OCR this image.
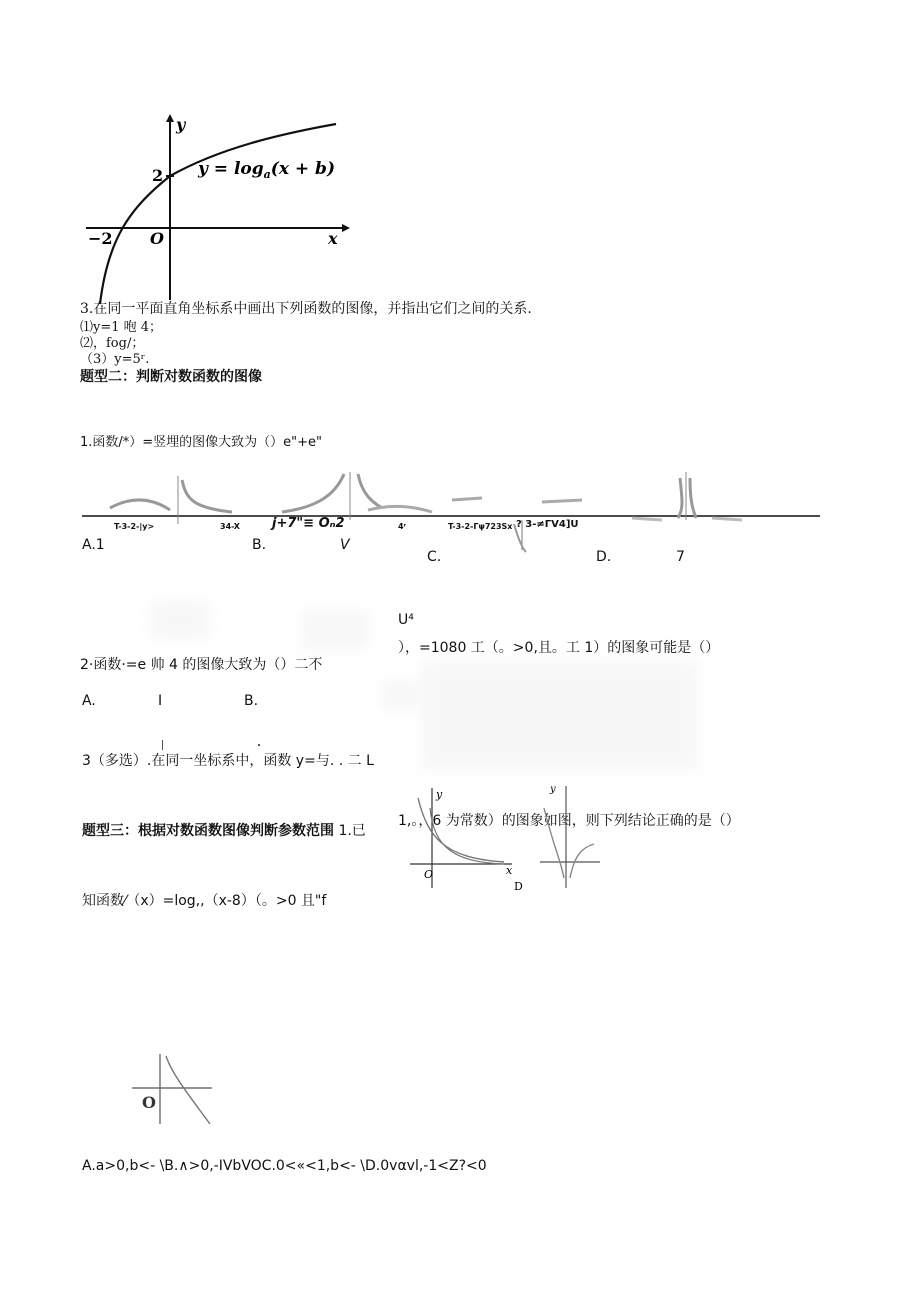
y
x
O
2
−2
$y = \log_a(x + b)$
3.在同一平面直角坐标系中画出下列函数的图像，并指出它们之间的关系.
⑴y=1 咆 4；
⑵，fog/；
（3）y=5ʳ.
题型二：判断对数函数的图像
1.函数/*）=竖埋的图像大致为（）e"+e"
T-3-2-|y>	34-X j+7"≡ Oₙ2	4ʳ	T-3-2-Γψ723Sx ? 3-≠ΓV4]U
A.1	B.	V
C.	D.	7
U⁴
），=1080 工（。>0,且。工 1）的图象可能是（）
2·函数·=e 帅 4 的图像大致为（）二不
A.	I	B.
3（多选）.在同一坐标系中，函数 y=与. . 二 L
题型三：根据对数函数图像判断参数范围 1.已
1,。，6 为常数）的图象如图，则下列结论正确的是（）
y
O	x
D
y
知函数⁄（x）=log,,（x-8）（。>0 且"f
O
A.a>0,b<- \B.∧>0,-IVbVOC.0<«<1,b<- \D.0vαvl,-1<Z?<0
